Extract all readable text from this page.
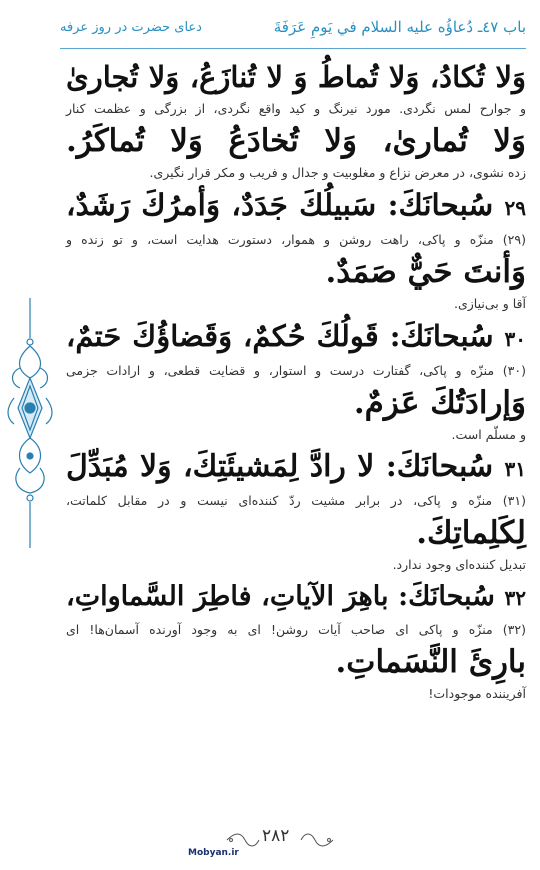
باب ٤٧ـ دُعاؤُه عليه السلام في يَومِ عَرَفَةَ
دعای حضرت در روز عرفه
وَلا تُكادُ، وَلا تُماطُ وَ لا تُنازَعُ، وَلا تُجارىٰ
و جوارح لمس نگردی. مورد نیرنگ و کید واقع نگردی، از بزرگی و عظمت کنار
وَلا تُمارىٰ، وَلا تُخادَعُ وَلا تُماكَرُ.
زده نشوی، در معرض نزاع و مغلوبیت و جدال و فریب و مکر قرار نگیری.
٢٩ سُبحانَكَ: سَبيلُكَ جَدَدٌ، وَأمرُكَ رَشَدٌ،
(٢٩) منزّه و پاکی، راهت روشن و هموار، دستورت هدایت است، و تو زنده و
وَأنتَ حَيٌّ صَمَدٌ.
آقا و بی‌نیازی.
٣٠ سُبحانَكَ: قَولُكَ حُكمٌ، وَقَضاؤُكَ حَتمٌ،
(٣٠) منزّه و پاکی، گفتارت درست و استوار، و قضایت قطعی، و ارادات جزمی
وَإرادَتُكَ عَزمٌ.
و مسلّم است.
٣١ سُبحانَكَ: لا رادَّ لِمَشيئَتِكَ، وَلا مُبَدِّلَ
(٣١) منزّه و پاکی، در برابر مشیت ردّ کننده‌ای نیست و در مقابل کلماتت،
لِكَلِماتِكَ.
تبدیل کننده‌ای وجود ندارد.
٣٢ سُبحانَكَ: باهِرَ الآياتِ، فاطِرَ السَّماواتِ،
(٣٢) منزّه و پاکی ای صاحب آیات روشن! ای به وجود آورنده آسمان‌ها! ای
بارِئَ النَّسَماتِ.
آفریننده موجودات!
٢٨٢
Mobyan.ir
